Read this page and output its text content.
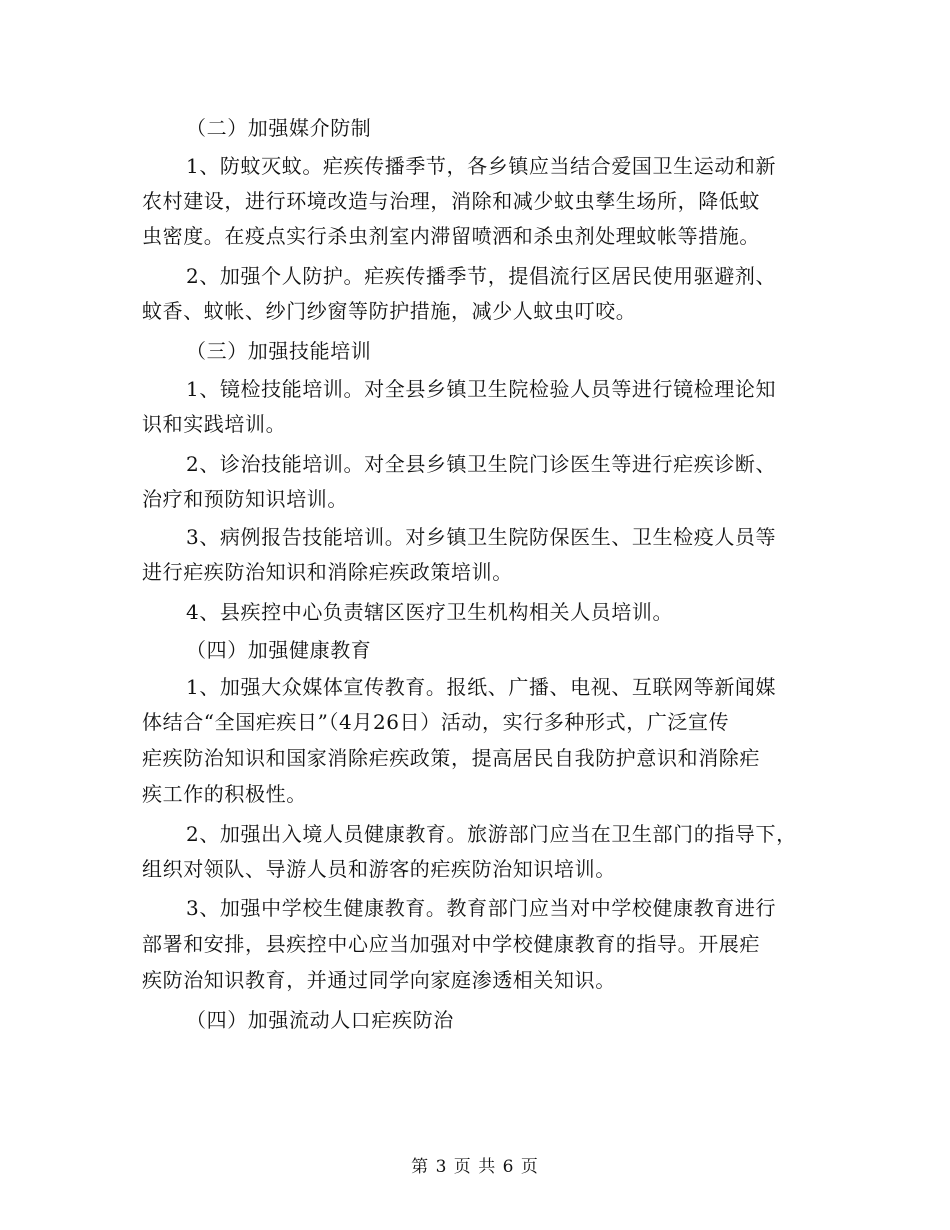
（二）加强媒介防制
1、防蚊灭蚊。疟疾传播季节，各乡镇应当结合爱国卫生运动和新
农村建设，进行环境改造与治理，消除和减少蚊虫孳生场所，降低蚊
虫密度。在疫点实行杀虫剂室内滞留喷洒和杀虫剂处理蚊帐等措施。
2、加强个人防护。疟疾传播季节，提倡流行区居民使用驱避剂、
蚊香、蚊帐、纱门纱窗等防护措施，减少人蚊虫叮咬。
（三）加强技能培训
1、镜检技能培训。对全县乡镇卫生院检验人员等进行镜检理论知
识和实践培训。
2、诊治技能培训。对全县乡镇卫生院门诊医生等进行疟疾诊断、
治疗和预防知识培训。
3、病例报告技能培训。对乡镇卫生院防保医生、卫生检疫人员等
进行疟疾防治知识和消除疟疾政策培训。
4、县疾控中心负责辖区医疗卫生机构相关人员培训。
（四）加强健康教育
1、加强大众媒体宣传教育。报纸、广播、电视、互联网等新闻媒
体结合“全国疟疾日”（4月26日）活动，实行多种形式，广泛宣传
疟疾防治知识和国家消除疟疾政策，提高居民自我防护意识和消除疟
疾工作的积极性。
2、加强出入境人员健康教育。旅游部门应当在卫生部门的指导下，
组织对领队、导游人员和游客的疟疾防治知识培训。
3、加强中学校生健康教育。教育部门应当对中学校健康教育进行
部署和安排，县疾控中心应当加强对中学校健康教育的指导。开展疟
疾防治知识教育，并通过同学向家庭渗透相关知识。
（四）加强流动人口疟疾防治
第 3 页 共 6 页
